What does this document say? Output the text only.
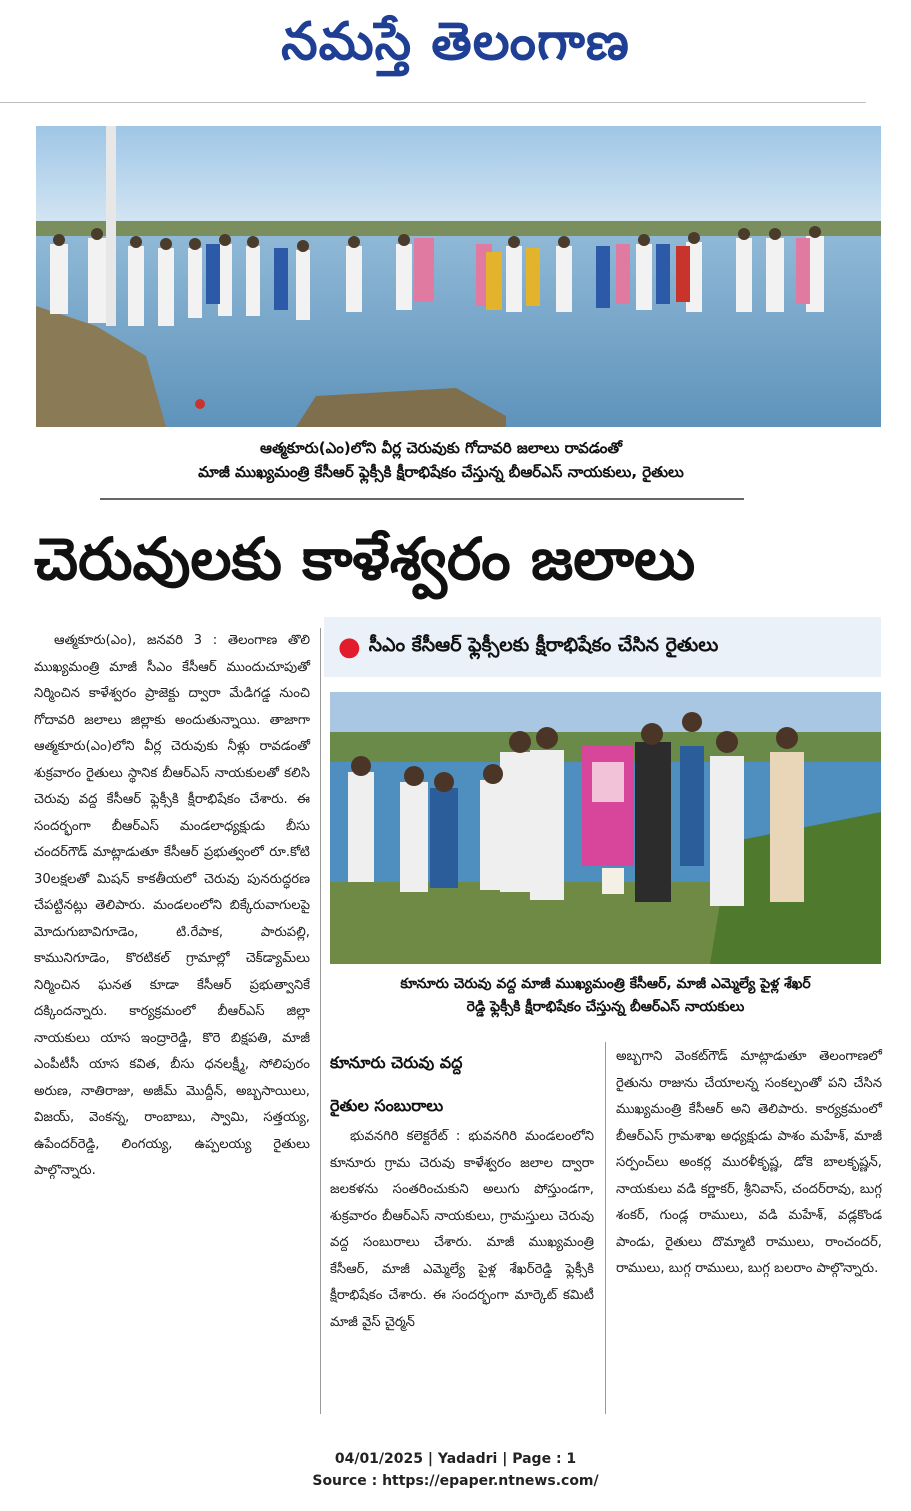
నమస్తే తెలంగాణ
ఆత్మకూరు(ఎం)లోని వీర్ల చెరువుకు గోదావరి జలాలు రావడంతో
మాజీ ముఖ్యమంత్రి కేసీఆర్ ఫ్లెక్సీకి క్షీరాభిషేకం చేస్తున్న బీఆర్ఎస్ నాయకులు, రైతులు
చెరువులకు కాళేశ్వరం జలాలు
● సీఎం కేసీఆర్ ఫ్లెక్సీలకు క్షీరాభిషేకం చేసిన రైతులు
కూనూరు చెరువు వద్ద మాజీ ముఖ్యమంత్రి కేసీఆర్, మాజీ ఎమ్మెల్యే పైళ్ల శేఖర్
రెడ్డి ఫ్లెక్సీకి క్షీరాభిషేకం చేస్తున్న బీఆర్ఎస్ నాయకులు

ఆత్మకూరు(ఎం), జనవరి 3 : తెలంగాణ తొలి ముఖ్యమంత్రి మాజీ సీఎం కేసీఆర్ ముందుచూపుతో నిర్మించిన కాళేశ్వరం ప్రాజెక్టు ద్వారా మేడిగడ్డ నుంచి గోదావరి జలాలు జిల్లాకు అందుతున్నాయి. తాజాగా ఆత్మకూరు(ఎం)లోని వీర్ల చెరువుకు నీళ్లు రావడంతో శుక్రవారం రైతులు స్థానిక బీఆర్ఎస్ నాయకులతో కలిసి చెరువు వద్ద కేసీఆర్ ఫ్లెక్సీకి క్షీరాభిషేకం చేశారు. ఈ సందర్భంగా బీఆర్ఎస్ మండలాధ్యక్షుడు బీసు చందర్‌గౌడ్ మాట్లాడుతూ కేసీఆర్ ప్రభుత్వంలో రూ.కోటి 30లక్షలతో మిషన్ కాకతీయలో చెరువు పునరుద్ధరణ చేపట్టినట్లు తెలిపారు. మండలంలోని బిక్కేరువాగులపై మోదుగుబావిగూడెం, టి.రేపాక, పారుపల్లి, కామునిగూడెం, కొరటికల్ గ్రామాల్లో చెక్‌డ్యామ్‌లు నిర్మించిన ఘనత కూడా కేసీఆర్ ప్రభుత్వానికే దక్కిందన్నారు. కార్యక్రమంలో బీఆర్ఎస్ జిల్లా నాయకులు యాస ఇంద్రారెడ్డి, కొరె బిక్షపతి, మాజీ ఎంపీటీసీ యాస కవిత, బీసు ధనలక్ష్మీ, సోలిపురం అరుణ, నాతిరాజు, అజీమ్ మొద్దీన్, అబ్బసాయిలు, విజయ్, వెంకన్న, రాంబాబు, స్వామి, సత్తయ్య, ఉపేందర్‌రెడ్డి, లింగయ్య, ఉప్పలయ్య రైతులు పాల్గొన్నారు.

కూనూరు చెరువు వద్ద
రైతుల సంబురాలు

భువనగిరి కలెక్టరేట్ : భువనగిరి మండలంలోని కూనూరు గ్రామ చెరువు కాళేశ్వరం జలాల ద్వారా జలకళను సంతరించుకుని అలుగు పోస్తుండగా, శుక్రవారం బీఆర్ఎస్ నాయకులు, గ్రామస్తులు చెరువు వద్ద సంబురాలు చేశారు. మాజీ ముఖ్యమంత్రి కేసీఆర్, మాజీ ఎమ్మెల్యే పైళ్ల శేఖర్‌రెడ్డి ఫ్లెక్సీకి క్షీరాభిషేకం చేశారు. ఈ సందర్భంగా మార్కెట్ కమిటీ మాజీ వైస్ చైర్మన్

అబ్బగాని వెంకట్‌గౌడ్ మాట్లాడుతూ తెలంగాణలో రైతును రాజును చేయాలన్న సంకల్పంతో పని చేసిన ముఖ్యమంత్రి కేసీఆర్ అని తెలిపారు. కార్యక్రమంలో బీఆర్ఎస్ గ్రామశాఖ అధ్యక్షుడు పాశం మహేశ్, మాజీ సర్పంచ్‌లు అంకర్ల మురళీకృష్ణ, డోకె బాలకృష్ణన్, నాయకులు వడి కర్ణాకర్, శ్రీనివాస్, చందర్‌రావు, బుగ్గ శంకర్, గుండ్ల రాములు, వడి మహేశ్, వడ్లకొండ పాండు, రైతులు దొమ్మాటి రాములు, రాంచందర్, రాములు, బుగ్గ రాములు, బుగ్గ బలరాం పాల్గొన్నారు.

04/01/2025 | Yadadri | Page : 1
Source : https://epaper.ntnews.com/
